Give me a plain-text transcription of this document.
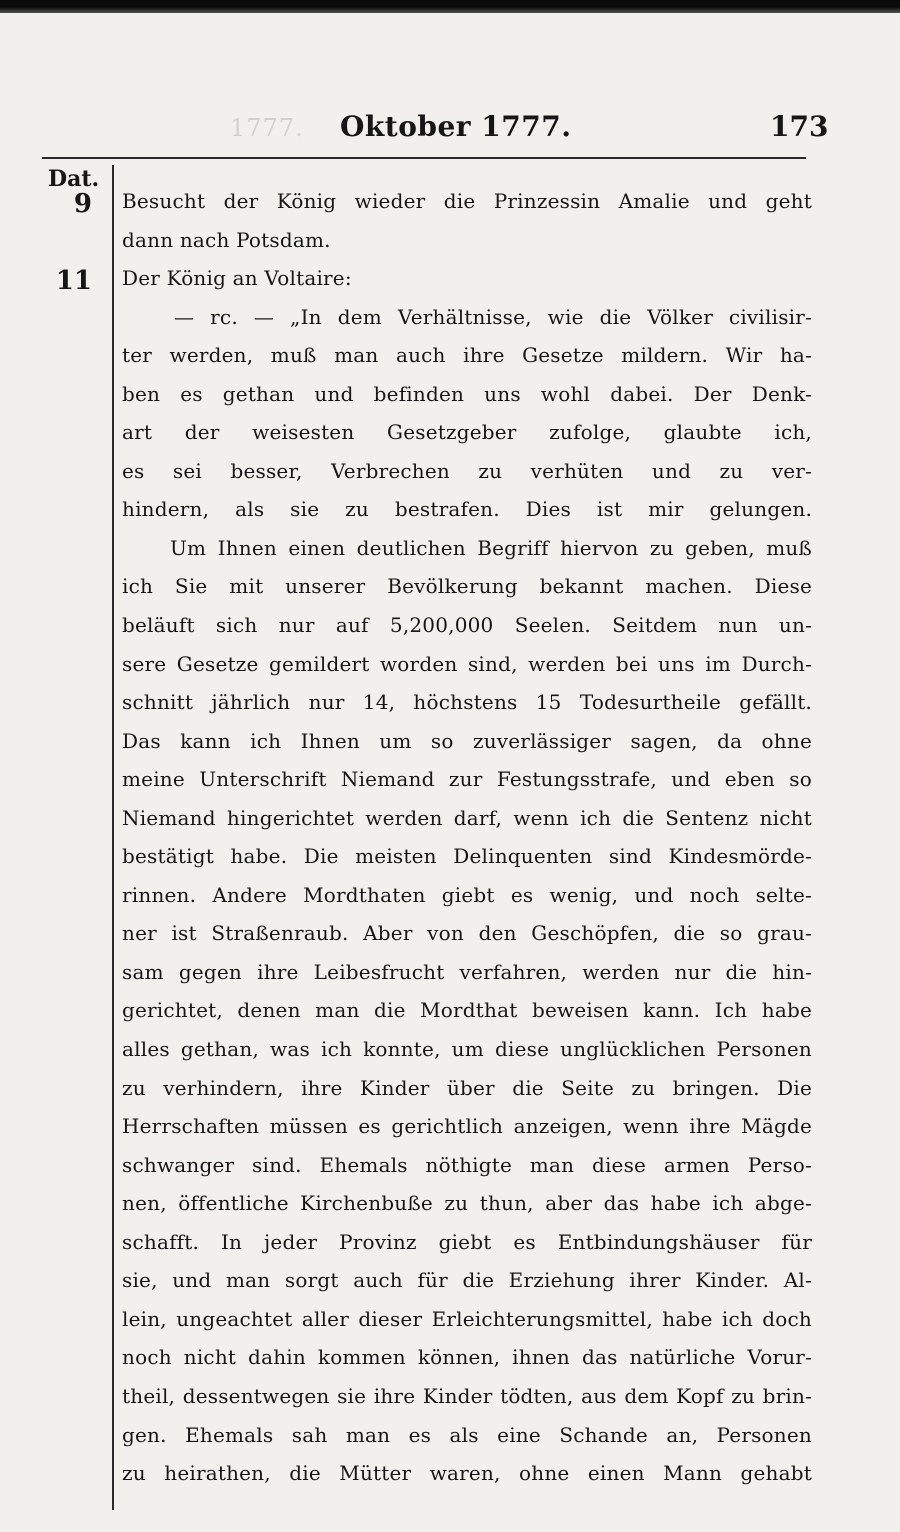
1777. Oktober 1777.	173
Dat.
9
11
Besucht der König wieder die Prinzessin Amalie und geht
dann nach Potsdam.
Der König an Voltaire:
— rc. — „In dem Verhältnisse, wie die Völker civilisir-
ter werden, muß man auch ihre Gesetze mildern. Wir ha-
ben es gethan und befinden uns wohl dabei. Der Denk-
art der weisesten Gesetzgeber zufolge, glaubte ich,
es sei besser, Verbrechen zu verhüten und zu ver-
hindern, als sie zu bestrafen. Dies ist mir gelungen.
Um Ihnen einen deutlichen Begriff hiervon zu geben, muß
ich Sie mit unserer Bevölkerung bekannt machen. Diese
beläuft sich nur auf 5,200,000 Seelen. Seitdem nun un-
sere Gesetze gemildert worden sind, werden bei uns im Durch-
schnitt jährlich nur 14, höchstens 15 Todesurtheile gefällt.
Das kann ich Ihnen um so zuverlässiger sagen, da ohne
meine Unterschrift Niemand zur Festungsstrafe, und eben so
Niemand hingerichtet werden darf, wenn ich die Sentenz nicht
bestätigt habe. Die meisten Delinquenten sind Kindesmörde-
rinnen. Andere Mordthaten giebt es wenig, und noch selte-
ner ist Straßenraub. Aber von den Geschöpfen, die so grau-
sam gegen ihre Leibesfrucht verfahren, werden nur die hin-
gerichtet, denen man die Mordthat beweisen kann. Ich habe
alles gethan, was ich konnte, um diese unglücklichen Personen
zu verhindern, ihre Kinder über die Seite zu bringen. Die
Herrschaften müssen es gerichtlich anzeigen, wenn ihre Mägde
schwanger sind. Ehemals nöthigte man diese armen Perso-
nen, öffentliche Kirchenbuße zu thun, aber das habe ich abge-
schafft. In jeder Provinz giebt es Entbindungshäuser für
sie, und man sorgt auch für die Erziehung ihrer Kinder. Al-
lein, ungeachtet aller dieser Erleichterungsmittel, habe ich doch
noch nicht dahin kommen können, ihnen das natürliche Vorur-
theil, dessentwegen sie ihre Kinder tödten, aus dem Kopf zu brin-
gen. Ehemals sah man es als eine Schande an, Personen
zu heirathen, die Mütter waren, ohne einen Mann gehabt
